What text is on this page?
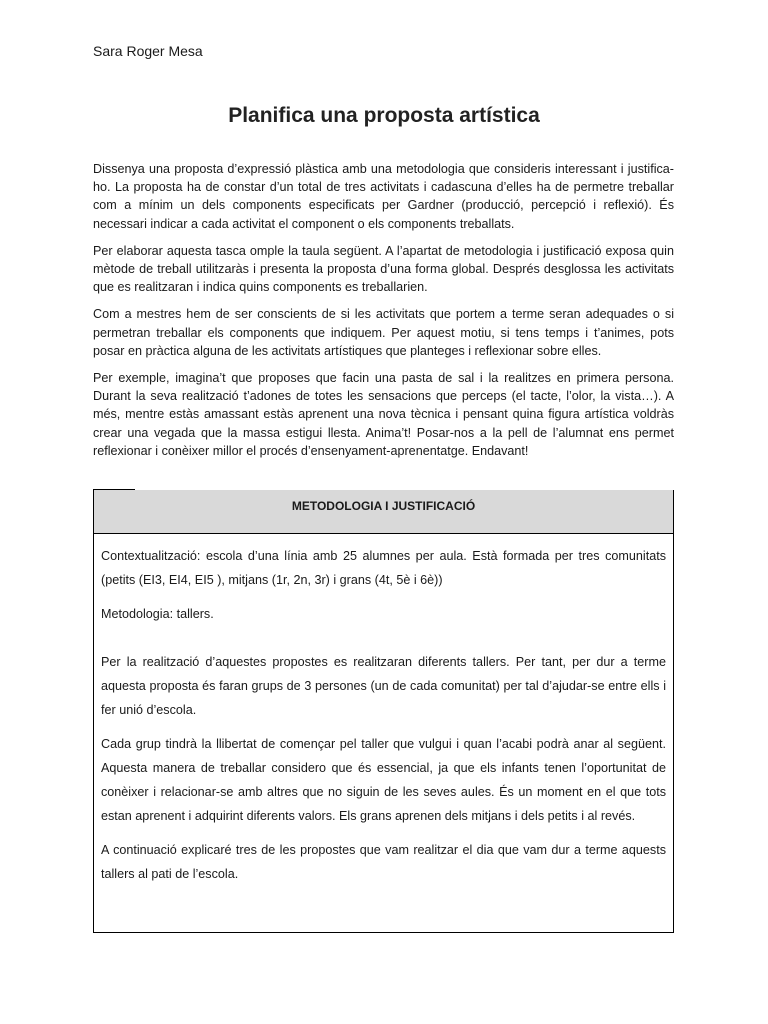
Sara Roger Mesa
Planifica una proposta artística

Dissenya una proposta d’expressió plàstica amb una metodologia que consideris interessant i justifica-ho. La proposta ha de constar d’un total de tres activitats i cadascuna d’elles ha de permetre treballar com a mínim un dels components especificats per Gardner (producció, percepció i reflexió). És necessari indicar a cada activitat el component o els components treballats.

Per elaborar aquesta tasca omple la taula següent. A l’apartat de metodologia i justificació exposa quin mètode de treball utilitzaràs i presenta la proposta d’una forma global. Després desglossa les activitats que es realitzaran i indica quins components es treballarien.

Com a mestres hem de ser conscients de si les activitats que portem a terme seran adequades o si permetran treballar els components que indiquem. Per aquest motiu, si tens temps i t’animes, pots posar en pràctica alguna de les activitats artístiques que planteges i reflexionar sobre elles.

Per exemple, imagina’t que proposes que facin una pasta de sal i la realitzes en primera persona. Durant la seva realització t’adones de totes les sensacions que perceps (el tacte, l’olor, la vista…). A més, mentre estàs amassant estàs aprenent una nova tècnica i pensant quina figura artística voldràs crear una vegada que la massa estigui llesta. Anima’t! Posar-nos a la pell de l’alumnat ens permet reflexionar i conèixer millor el procés d’ensenyament-aprenentatge. Endavant!

METODOLOGIA I JUSTIFICACIÓ

Contextualització: escola d’una línia amb 25 alumnes per aula. Està formada per tres comunitats (petits (EI3, EI4, EI5 ), mitjans (1r, 2n, 3r) i grans (4t, 5è i 6è))

Metodologia: tallers.

Per la realització d’aquestes propostes es realitzaran diferents tallers. Per tant, per dur a terme aquesta proposta és faran grups de 3 persones (un de cada comunitat) per tal d’ajudar-se entre ells i fer unió d’escola.

Cada grup tindrà la llibertat de començar pel taller que vulgui i quan l’acabi podrà anar al següent. Aquesta manera de treballar considero que és essencial, ja que els infants tenen l’oportunitat de conèixer i relacionar-se amb altres que no siguin de les seves aules. És un moment en el que tots estan aprenent i adquirint diferents valors. Els grans aprenen dels mitjans i dels petits i al revés.

A continuació explicaré tres de les propostes que vam realitzar el dia que vam dur a terme aquests tallers al pati de l’escola.
